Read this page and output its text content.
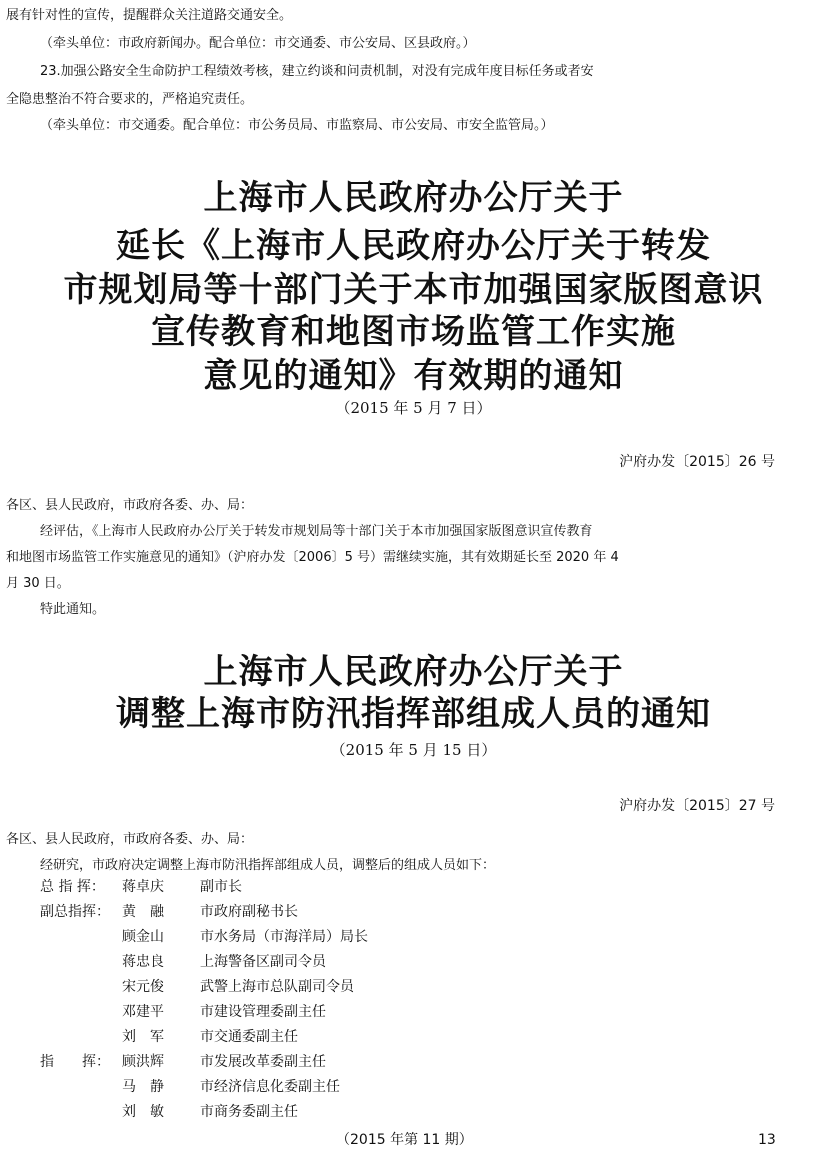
展有针对性的宣传，提醒群众关注道路交通安全。
（牵头单位：市政府新闻办。配合单位：市交通委、市公安局、区县政府。）
23.加强公路安全生命防护工程绩效考核，建立约谈和问责机制，对没有完成年度目标任务或者安
全隐患整治不符合要求的，严格追究责任。
（牵头单位：市交通委。配合单位：市公务员局、市监察局、市公安局、市安全监管局。）
上海市人民政府办公厅关于
延长《上海市人民政府办公厅关于转发
市规划局等十部门关于本市加强国家版图意识
宣传教育和地图市场监管工作实施
意见的通知》有效期的通知
（2015 年 5 月 7 日）
沪府办发〔2015〕26 号
各区、县人民政府，市政府各委、办、局：
经评估，《上海市人民政府办公厅关于转发市规划局等十部门关于本市加强国家版图意识宣传教育
和地图市场监管工作实施意见的通知》（沪府办发〔2006〕5 号）需继续实施，其有效期延长至 2020 年 4
月 30 日。
特此通知。
上海市人民政府办公厅关于
调整上海市防汛指挥部组成人员的通知
（2015 年 5 月 15 日）
沪府办发〔2015〕27 号
各区、县人民政府，市政府各委、办、局：
经研究，市政府决定调整上海市防汛指挥部组成人员，调整后的组成人员如下：
总 指 挥：	蒋卓庆	副市长
副总指挥： 黄　融	市政府副秘书长
顾金山	市水务局（市海洋局）局长
蒋忠良	上海警备区副司令员
宋元俊	武警上海市总队副司令员
邓建平	市建设管理委副主任
刘　军	市交通委副主任
指　　挥： 顾洪辉	市发展改革委副主任
马　静	市经济信息化委副主任
刘　敏	市商务委副主任
（2015 年第 11 期）	13
